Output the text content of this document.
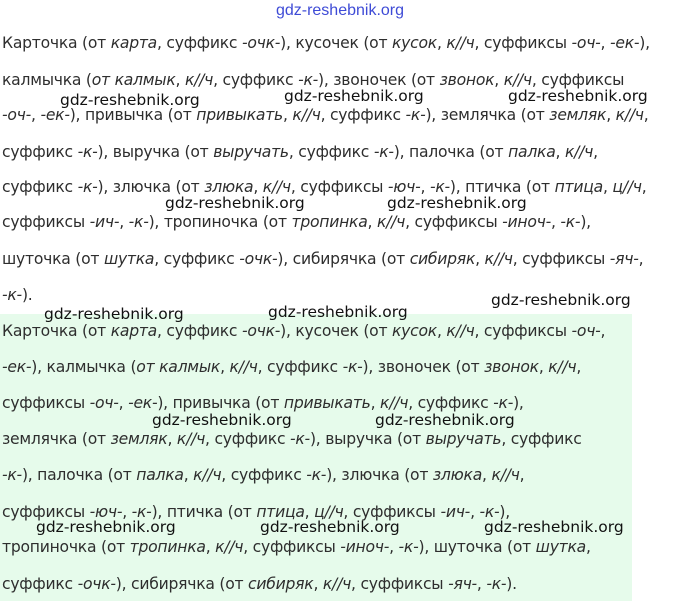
gdz-reshebnik.org
Карточка (от карта, суффикс -очк-), кусочек (от кусок, к//ч, суффиксы -оч-, -ек-),
калмычка (от калмык, к//ч, суффикс -к-), звоночек (от звонок, к//ч, суффиксы
-оч-, -ек-), привычка (от привыкать, к//ч, суффикс -к-), землячка (от земляк, к//ч,
суффикс -к-), выручка (от выручать, суффикс -к-), палочка (от палка, к//ч,
суффикс -к-), злючка (от злюка, к//ч, суффиксы -юч-, -к-), птичка (от птица, ц//ч,
суффиксы -ич-, -к-), тропиночка (от тропинка, к//ч, суффиксы -иноч-, -к-),
шуточка (от шутка, суффикс -очк-), сибирячка (от сибиряк, к//ч, суффиксы -яч-,
-к-).
Карточка (от карта, суффикс -очк-), кусочек (от кусок, к//ч, суффиксы -оч-,
-ек-), калмычка (от калмык, к//ч, суффикс -к-), звоночек (от звонок, к//ч,
суффиксы -оч-, -ек-), привычка (от привыкать, к//ч, суффикс -к-),
землячка (от земляк, к//ч, суффикс -к-), выручка (от выручать, суффикс
-к-), палочка (от палка, к//ч, суффикс -к-), злючка (от злюка, к//ч,
суффиксы -юч-, -к-), птичка (от птица, ц//ч, суффиксы -ич-, -к-),
тропиночка (от тропинка, к//ч, суффиксы -иноч-, -к-), шуточка (от шутка,
суффикс -очк-), сибирячка (от сибиряк, к//ч, суффиксы -яч-, -к-).
gdz-reshebnik.org	gdz-reshebnik.org	gdz-reshebnik.org
gdz-reshebnik.org	gdz-reshebnik.org
gdz-reshebnik.org	gdz-reshebnik.org
gdz-reshebnik.org
gdz-reshebnik.org	gdz-reshebnik.org
gdz-reshebnik.org	gdz-reshebnik.org	gdz-reshebnik.org
